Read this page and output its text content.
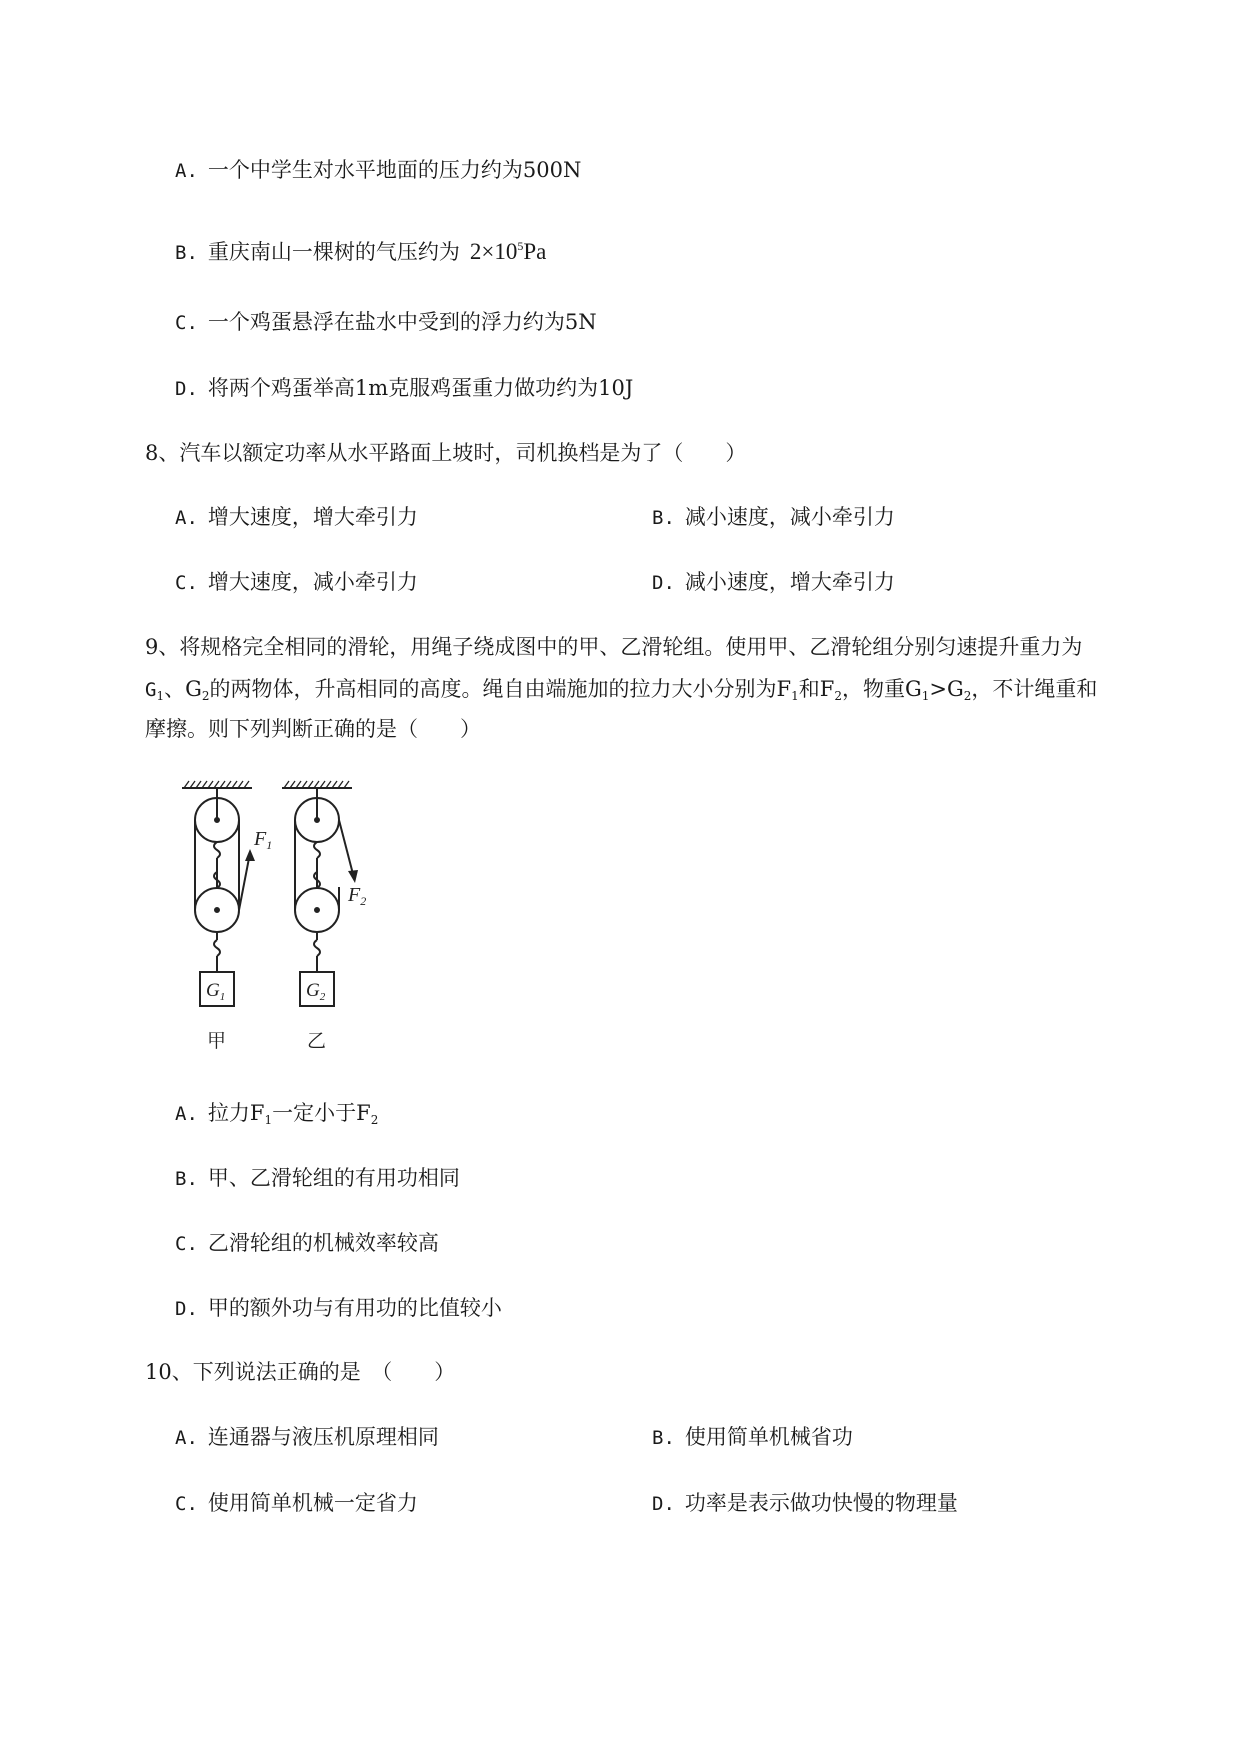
A. 一个中学生对水平地面的压力约为500N
B. 重庆南山一棵树的气压约为 $2\times 10^5Pa$
C. 一个鸡蛋悬浮在盐水中受到的浮力约为5N
D. 将两个鸡蛋举高1m克服鸡蛋重力做功约为10J
8、汽车以额定功率从水平路面上坡时，司机换档是为了（　　）
A. 增大速度，增大牵引力	B. 减小速度，减小牵引力
C. 增大速度，减小牵引力	D. 减小速度，增大牵引力
9、将规格完全相同的滑轮，用绳子绕成图中的甲、乙滑轮组。使用甲、乙滑轮组分别匀速提升重力为
$G_1$、$G_2$的两物体，升高相同的高度。绳自由端施加的拉力大小分别为$F_1$和$F_2$，物重$G_1>G_2$，不计绳重和
摩擦。则下列判断正确的是（　　）
$F_1$
$F_2$
$G_1$	$G_2$
甲	乙
A. 拉力$F_1$一定小于$F_2$
B. 甲、乙滑轮组的有用功相同
C. 乙滑轮组的机械效率较高
D. 甲的额外功与有用功的比值较小
10、下列说法正确的是　（　　）
A. 连通器与液压机原理相同	B. 使用简单机械省功
C. 使用简单机械一定省力	D. 功率是表示做功快慢的物理量
